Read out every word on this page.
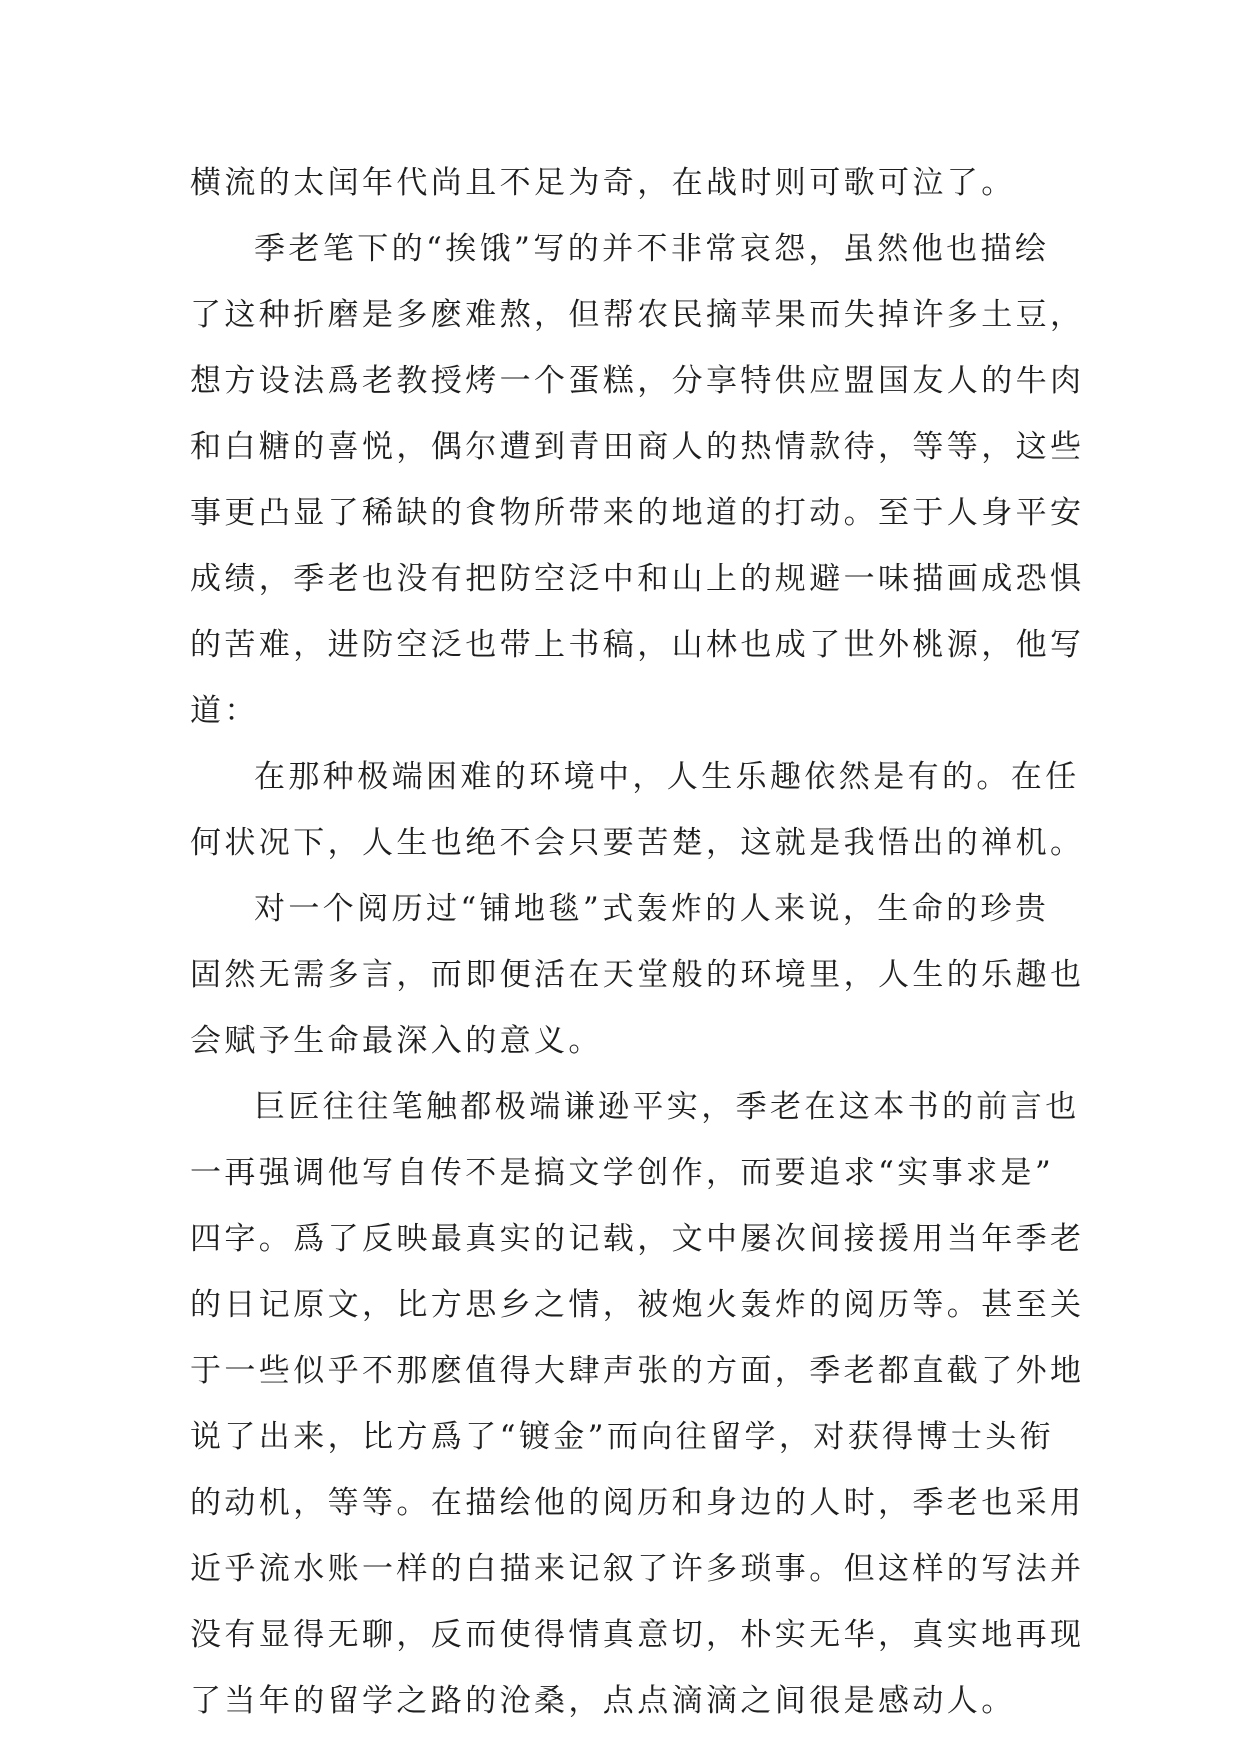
横流的太闰年代尚且不足为奇，在战时则可歌可泣了。
季老笔下的“挨饿”写的并不非常哀怨，虽然他也描绘
了这种折磨是多麽难熬，但帮农民摘苹果而失掉许多土豆，
想方设法爲老教授烤一个蛋糕，分享特供应盟国友人的牛肉
和白糖的喜悦，偶尔遭到青田商人的热情款待，等等，这些
事更凸显了稀缺的食物所带来的地道的打动。至于人身平安
成绩，季老也没有把防空泛中和山上的规避一味描画成恐惧
的苦难，进防空泛也带上书稿，山林也成了世外桃源，他写
道：
在那种极端困难的环境中，人生乐趣依然是有的。在任
何状况下，人生也绝不会只要苦楚，这就是我悟出的禅机。
对一个阅历过“铺地毯”式轰炸的人来说，生命的珍贵
固然无需多言，而即便活在天堂般的环境里，人生的乐趣也
会赋予生命最深入的意义。
巨匠往往笔触都极端谦逊平实，季老在这本书的前言也
一再强调他写自传不是搞文学创作，而要追求“实事求是”
四字。爲了反映最真实的记载，文中屡次间接援用当年季老
的日记原文，比方思乡之情，被炮火轰炸的阅历等。甚至关
于一些似乎不那麽值得大肆声张的方面，季老都直截了外地
说了出来，比方爲了“镀金”而向往留学，对获得博士头衔
的动机，等等。在描绘他的阅历和身边的人时，季老也采用
近乎流水账一样的白描来记叙了许多琐事。但这样的写法并
没有显得无聊，反而使得情真意切，朴实无华，真实地再现
了当年的留学之路的沧桑，点点滴滴之间很是感动人。
